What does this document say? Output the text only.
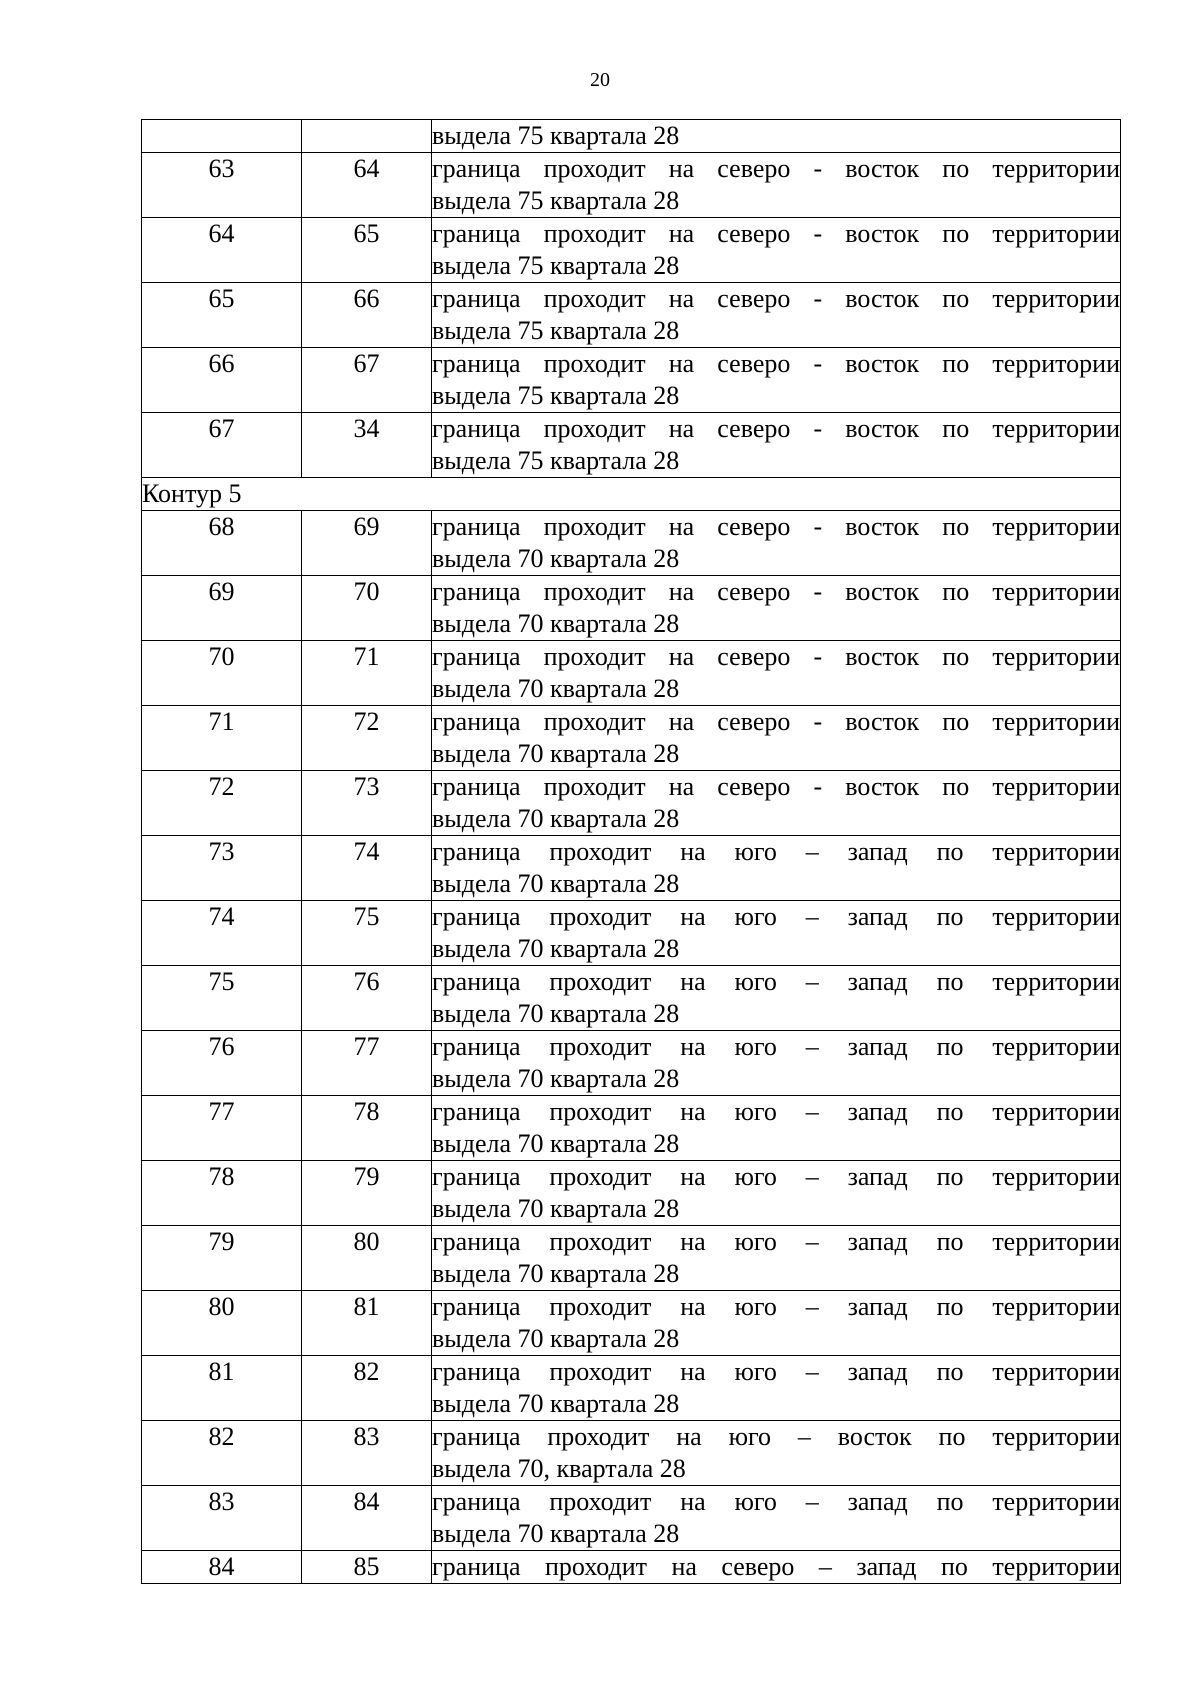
20

		выдела 75 квартала 28

63	64	граница проходит на северо - восток по территории
выдела 75 квартала 28

64	65	граница проходит на северо - восток по территории
выдела 75 квартала 28

65	66	граница проходит на северо - восток по территории
выдела 75 квартала 28

66	67	граница проходит на северо - восток по территории
выдела 75 квартала 28

67	34	граница проходит на северо - восток по территории
выдела 75 квартала 28

Контур 5		
68	69	граница проходит на северо - восток по территории
выдела 70 квартала 28

69	70	граница проходит на северо - восток по территории
выдела 70 квартала 28

70	71	граница проходит на северо - восток по территории
выдела 70 квартала 28

71	72	граница проходит на северо - восток по территории
выдела 70 квартала 28

72	73	граница проходит на северо - восток по территории
выдела 70 квартала 28

73	74	граница проходит на юго – запад по территории
выдела 70 квартала 28

74	75	граница проходит на юго – запад по территории
выдела 70 квартала 28

75	76	граница проходит на юго – запад по территории
выдела 70 квартала 28

76	77	граница проходит на юго – запад по территории
выдела 70 квартала 28

77	78	граница проходит на юго – запад по территории
выдела 70 квартала 28

78	79	граница проходит на юго – запад по территории
выдела 70 квартала 28

79	80	граница проходит на юго – запад по территории
выдела 70 квартала 28

80	81	граница проходит на юго – запад по территории
выдела 70 квартала 28

81	82	граница проходит на юго – запад по территории
выдела 70 квартала 28

82	83	граница проходит на юго – восток по территории
выдела 70, квартала 28

83	84	граница проходит на юго – запад по территории
выдела 70 квартала 28

84	85	граница проходит на северо – запад по территории
